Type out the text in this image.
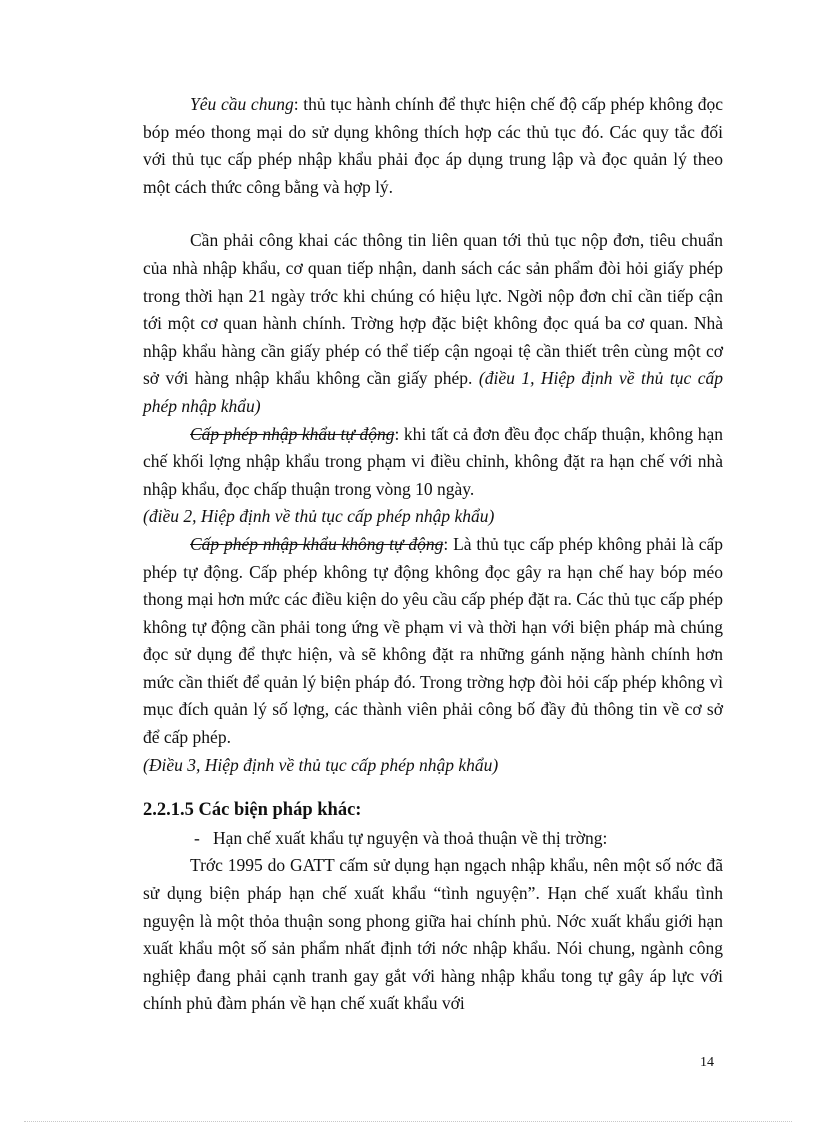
Yêu cầu chung: thủ tục hành chính để thực hiện chế độ cấp phép không đọc bóp méo thong mại do sử dụng không thích hợp các thủ tục đó. Các quy tắc đối với thủ tục cấp phép nhập khẩu phải đọc áp dụng trung lập và đọc quản lý theo một cách thức công bằng và hợp lý.

Cần phải công khai các thông tin liên quan tới thủ tục nộp đơn, tiêu chuẩn của nhà nhập khẩu, cơ quan tiếp nhận, danh sách các sản phẩm đòi hỏi giấy phép trong thời hạn 21 ngày trớc khi chúng có hiệu lực. Ngời nộp đơn chỉ cần tiếp cận tới một cơ quan hành chính. Trờng hợp đặc biệt không đọc quá ba cơ quan. Nhà nhập khẩu hàng cần giấy phép có thể tiếp cận ngoại tệ cần thiết trên cùng một cơ sở với hàng nhập khẩu không cần giấy phép. (điều 1, Hiệp định về thủ tục cấp phép nhập khẩu)

Cấp phép nhập khẩu tự động: khi tất cả đơn đều đọc chấp thuận, không hạn chế khối lợng nhập khẩu trong phạm vi điều chỉnh, không đặt ra hạn chế với nhà nhập khẩu, đọc chấp thuận trong vòng 10 ngày.

(điều 2, Hiệp định về thủ tục cấp phép nhập khẩu)

Cấp phép nhập khẩu không tự động: Là thủ tục cấp phép không phải là cấp phép tự động. Cấp phép không tự động không đọc gây ra hạn chế hay bóp méo thong mại hơn mức các điều kiện do yêu cầu cấp phép đặt ra. Các thủ tục cấp phép không tự động cần phải tong ứng về phạm vi và thời hạn với biện pháp mà chúng đọc sử dụng để thực hiện, và sẽ không đặt ra những gánh nặng hành chính hơn mức cần thiết để quản lý biện pháp đó. Trong trờng hợp đòi hỏi cấp phép không vì mục đích quản lý số lợng, các thành viên phải công bố đầy đủ thông tin về cơ sở để cấp phép.

(Điều 3, Hiệp định về thủ tục cấp phép nhập khẩu)

2.2.1.5 Các biện pháp khác:

- Hạn chế xuất khẩu tự nguyện và thoả thuận về thị trờng:

Trớc 1995 do GATT cấm sử dụng hạn ngạch nhập khẩu, nên một số nớc đã sử dụng biện pháp hạn chế xuất khẩu “tình nguyện”. Hạn chế xuất khẩu tình nguyện là một thỏa thuận song phong giữa hai chính phủ. Nớc xuất khẩu giới hạn xuất khẩu một số sản phẩm nhất định tới nớc nhập khẩu. Nói chung, ngành công nghiệp đang phải cạnh tranh gay gắt với hàng nhập khẩu tong tự gây áp lực với chính phủ đàm phán về hạn chế xuất khẩu với

14
